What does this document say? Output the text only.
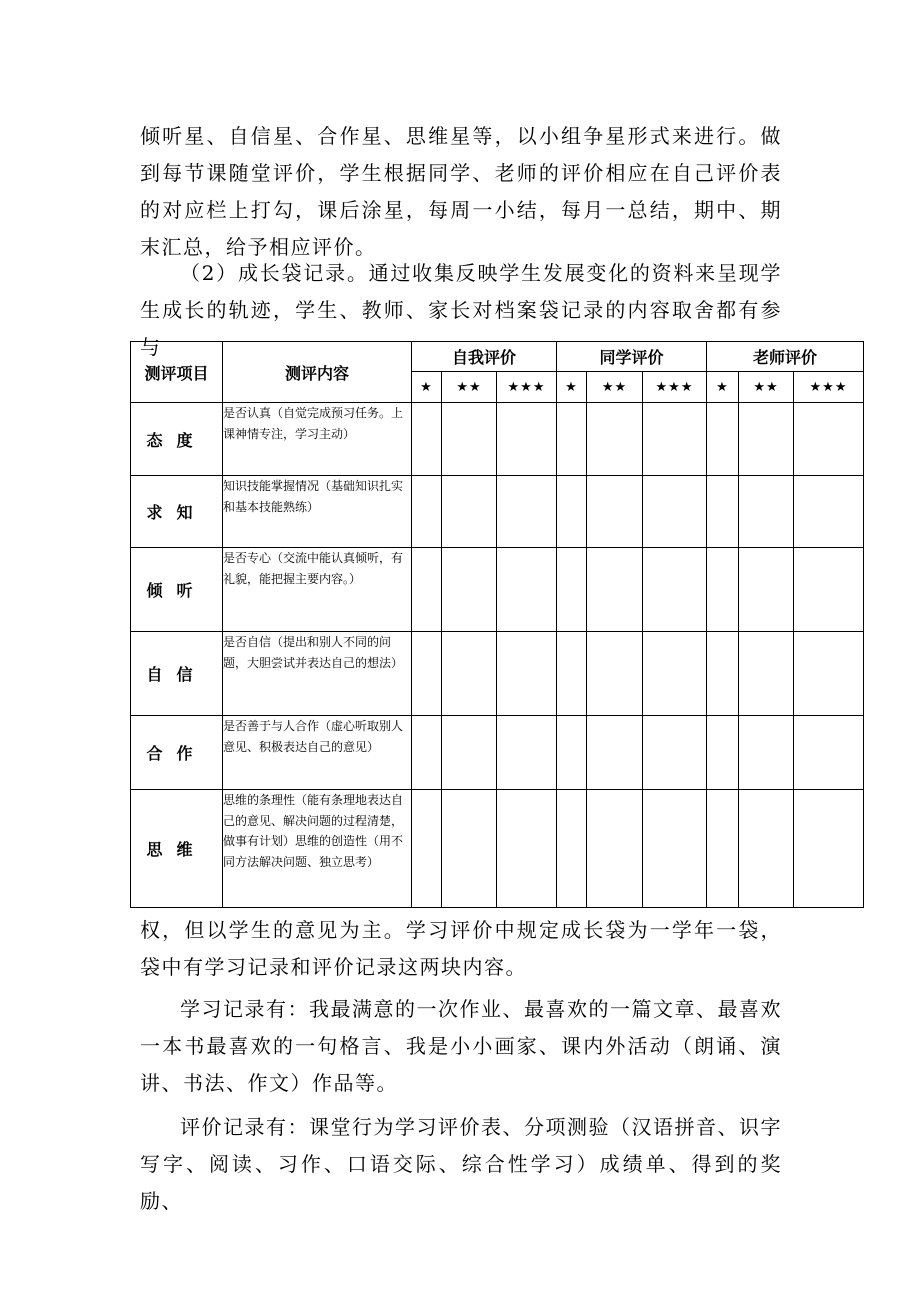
倾听星、自信星、合作星、思维星等，以小组争星形式来进行。做到每节课随堂评价，学生根据同学、老师的评价相应在自己评价表的对应栏上打勾，课后涂星，每周一小结，每月一总结，期中、期末汇总，给予相应评价。

（2）成长袋记录。通过收集反映学生发展变化的资料来呈现学生成长的轨迹，学生、教师、家长对档案袋记录的内容取舍都有参与

测评项目	测评内容	自我评价			同学评价			老师评价		
		★	★★	★★★	★	★★	★★★	★	★★	★★★
态度	是否认真（自觉完成预习任务。上课神情专注，学习主动）									
求知	知识技能掌握情况（基础知识扎实和基本技能熟练）									
倾听	是否专心（交流中能认真倾听，有礼貌，能把握主要内容。）									
自信	是否自信（提出和别人不同的问题，大胆尝试并表达自己的想法）									
合作	是否善于与人合作（虚心听取别人意见、积极表达自己的意见）									
思维	思维的条理性（能有条理地表达自己的意见、解决问题的过程清楚，做事有计划）思维的创造性（用不同方法解决问题、独立思考）									

权，但以学生的意见为主。学习评价中规定成长袋为一学年一袋，袋中有学习记录和评价记录这两块内容。

学习记录有：我最满意的一次作业、最喜欢的一篇文章、最喜欢一本书最喜欢的一句格言、我是小小画家、课内外活动（朗诵、演讲、书法、作文）作品等。

评价记录有：课堂行为学习评价表、分项测验（汉语拼音、识字写字、阅读、习作、口语交际、综合性学习）成绩单、得到的奖励、
